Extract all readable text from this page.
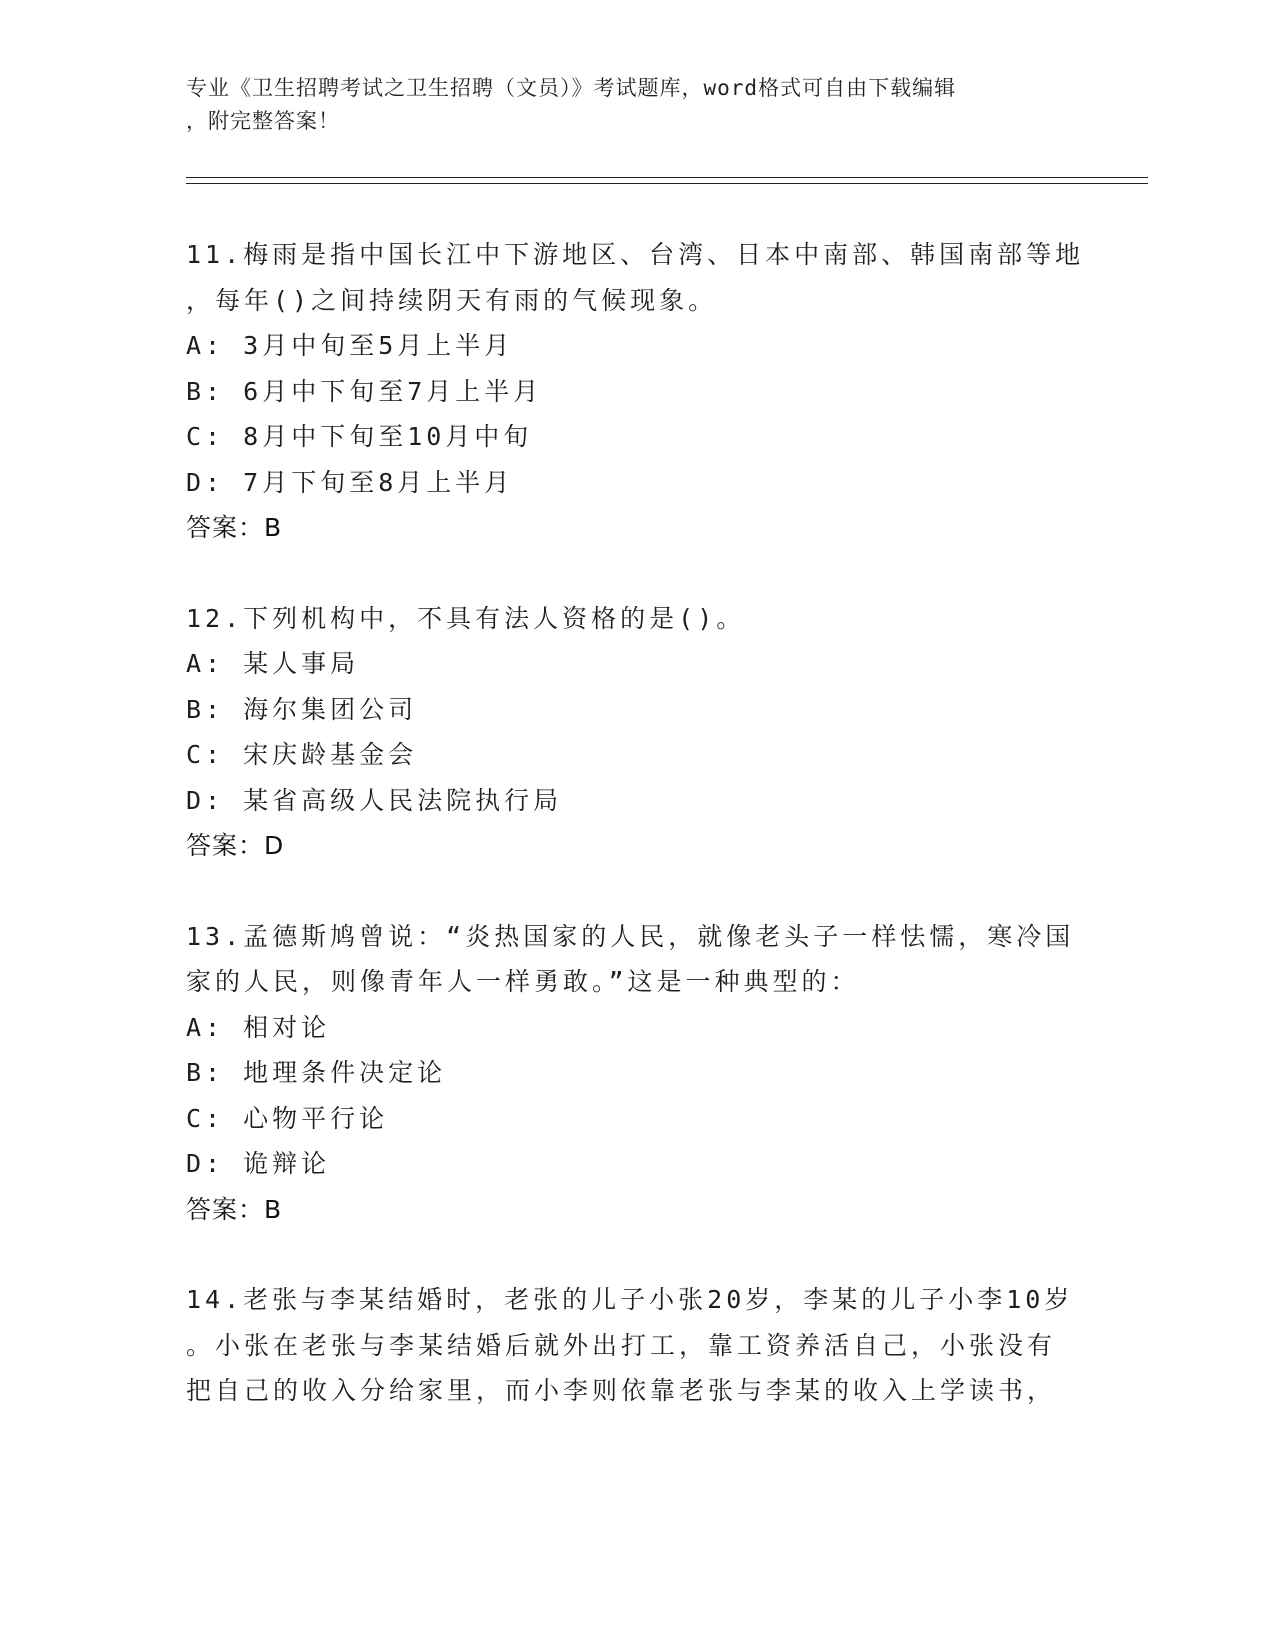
专业《卫生招聘考试之卫生招聘（文员）》考试题库，word格式可自由下载编辑
，附完整答案！
11.梅雨是指中国长江中下游地区、台湾、日本中南部、韩国南部等地
，每年()之间持续阴天有雨的气候现象。
A: 3月中旬至5月上半月
B: 6月中下旬至7月上半月
C: 8月中下旬至10月中旬
D: 7月下旬至8月上半月
答案：B
12.下列机构中，不具有法人资格的是()。
A: 某人事局
B: 海尔集团公司
C: 宋庆龄基金会
D: 某省高级人民法院执行局
答案：D
13.孟德斯鸠曾说：“炎热国家的人民，就像老头子一样怯懦，寒冷国
家的人民，则像青年人一样勇敢。”这是一种典型的：
A: 相对论
B: 地理条件决定论
C: 心物平行论
D: 诡辩论
答案：B
14.老张与李某结婚时，老张的儿子小张20岁，李某的儿子小李10岁
。小张在老张与李某结婚后就外出打工，靠工资养活自己，小张没有
把自己的收入分给家里，而小李则依靠老张与李某的收入上学读书，
